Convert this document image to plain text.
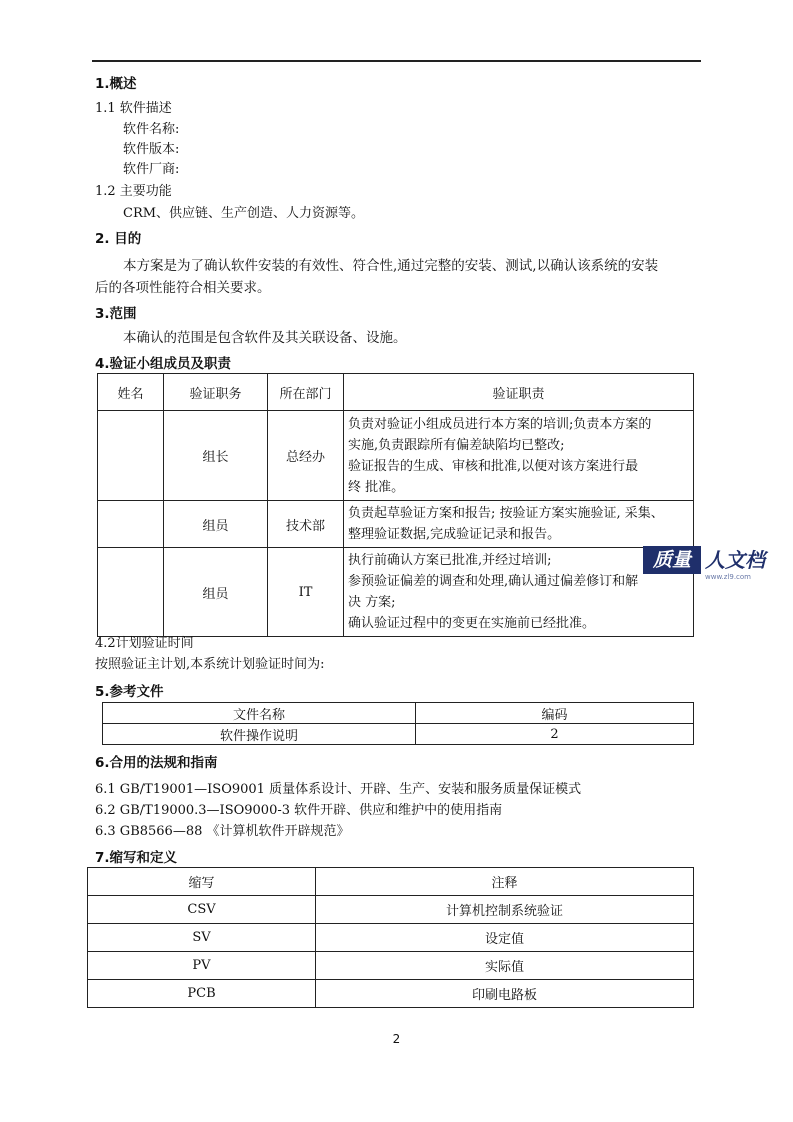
1.概述
1.1 软件描述
软件名称:
软件版本:
软件厂商:
1.2 主要功能
CRM、供应链、生产创造、人力资源等。
2. 目的
本方案是为了确认软件安装的有效性、符合性,通过完整的安装、测试,以确认该系统的安装
后的各项性能符合相关要求。
3.范围
本确认的范围是包含软件及其关联设备、设施。
4.验证小组成员及职责
姓名	验证职务	所在部门	验证职责
	组长	总经办	负责对验证小组成员进行本方案的培训;负责本方案的
实施,负责跟踪所有偏差缺陷均已整改;
验证报告的生成、审核和批准,以便对该方案进行最
终 批准。

	组员	技术部	负责起草验证方案和报告; 按验证方案实施验证, 采集、
整理验证数据,完成验证记录和报告。

	组员	IT	执行前确认方案已批准,并经过培训;
参预验证偏差的调查和处理,确认通过偏差修订和解
决 方案;
确认验证过程中的变更在实施前已经批准。
4.2计划验证时间
按照验证主计划,本系统计划验证时间为:
5.参考文件
文件名称	编码
软件操作说明	2
6.合用的法规和指南
6.1 GB/T19001—ISO9001 质量体系设计、开辟、生产、安装和服务质量保证模式
6.2 GB/T19000.3—ISO9000-3 软件开辟、供应和维护中的使用指南
6.3 GB8566—88 《计算机软件开辟规范》
7.缩写和定义
缩写	注释
CSV	计算机控制系统验证
SV	设定值
PV	实际值
PCB	印刷电路板
质量 人文档
www.zl9.com
2
